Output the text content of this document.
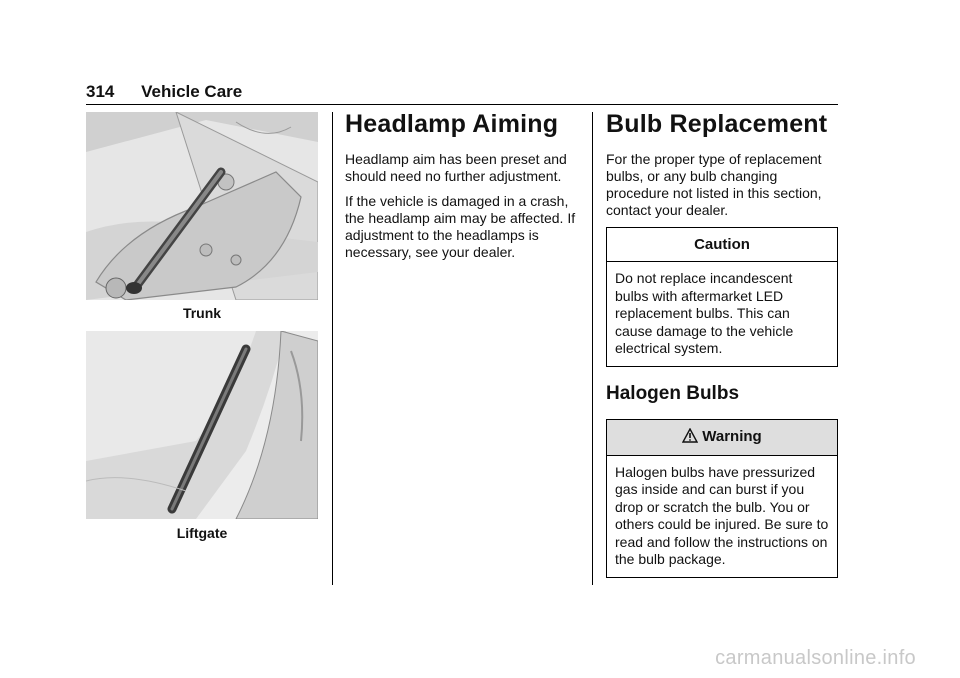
314 Vehicle Care
Trunk
Liftgate
Headlamp Aiming

Headlamp aim has been preset and should need no further adjustment.

If the vehicle is damaged in a crash, the headlamp aim may be affected. If adjustment to the headlamps is necessary, see your dealer.

Bulb Replacement

For the proper type of replacement bulbs, or any bulb changing procedure not listed in this section, contact your dealer.

Caution
Do not replace incandescent bulbs with aftermarket LED replacement bulbs. This can cause damage to the vehicle electrical system.
Halogen Bulbs
Warning
Halogen bulbs have pressurized gas inside and can burst if you drop or scratch the bulb. You or others could be injured. Be sure to read and follow the instructions on the bulb package.
carmanualsonline.info
